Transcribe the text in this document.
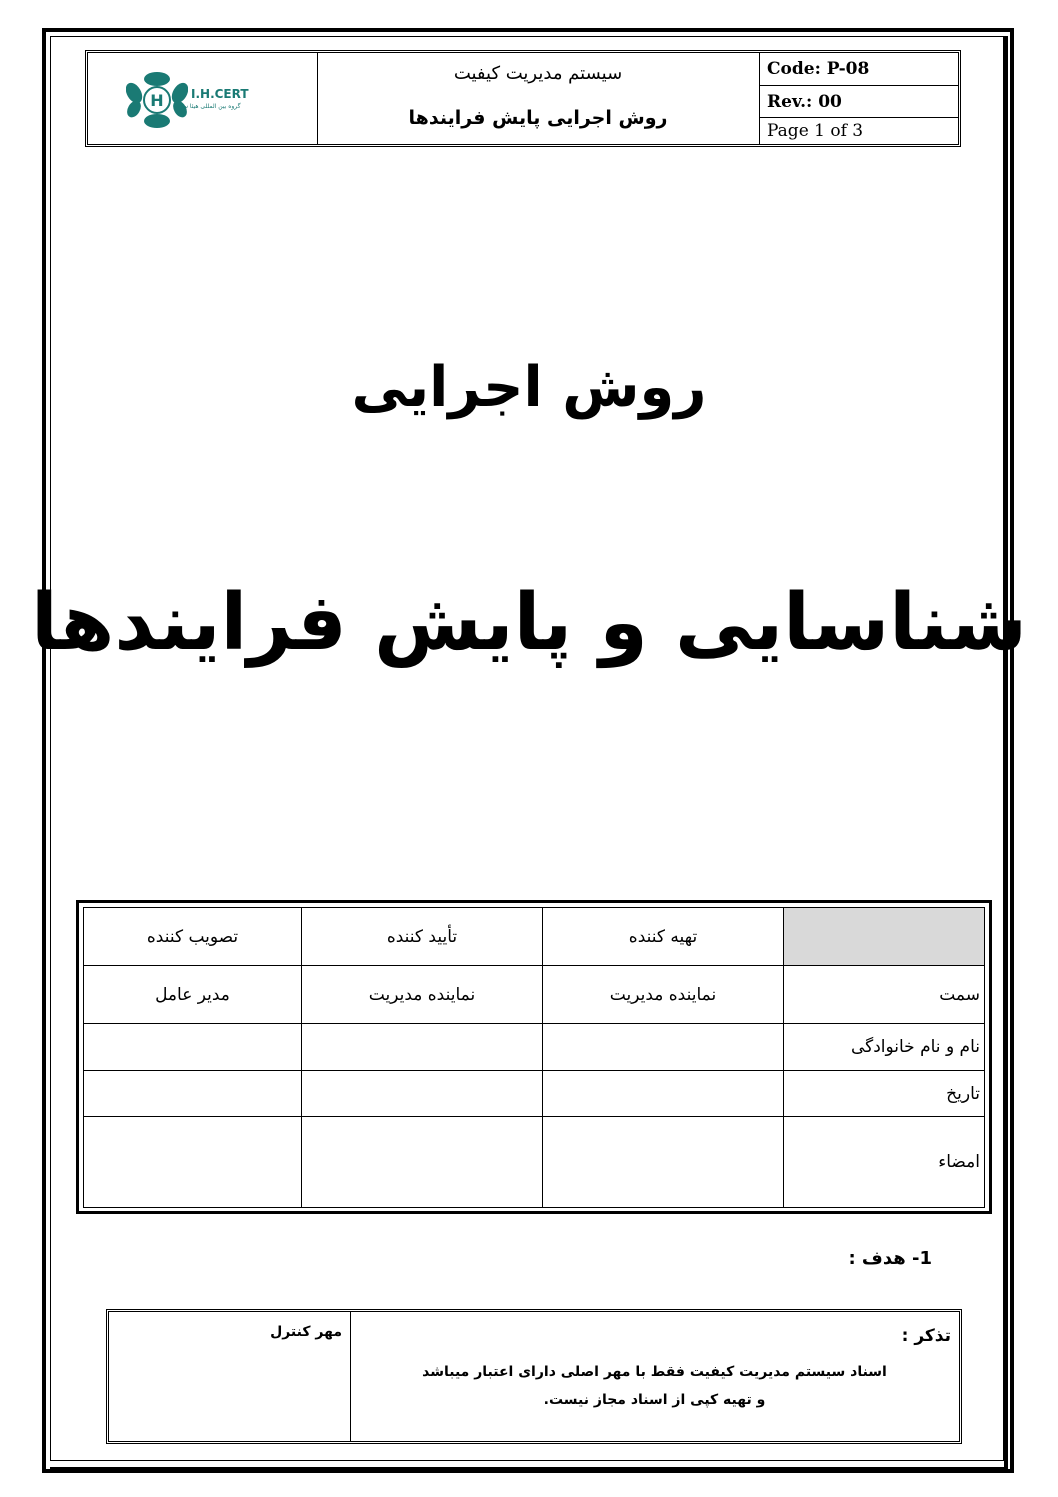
H I.H.CERT
گروه بین المللی هیئا سرت
سیستم مدیریت کیفیت
روش اجرایی پایش فرایندها
Code: P-08
Rev.: 00
Page 1 of 3
روش اجرایی
شناسایی و پایش فرایندها
	تهیه کننده	تأیید کننده	تصویب کننده
سمت	نماینده مدیریت	نماینده مدیریت	مدیر عامل
نام و نام خانوادگی			
تاریخ			
امضاء			
1- هدف :
مهر کنترل	تذکر :
اسناد سیستم مدیریت کیفیت فقط با مهر اصلی دارای اعتبار میباشد
و تهیه کپی از اسناد مجاز نیست.
